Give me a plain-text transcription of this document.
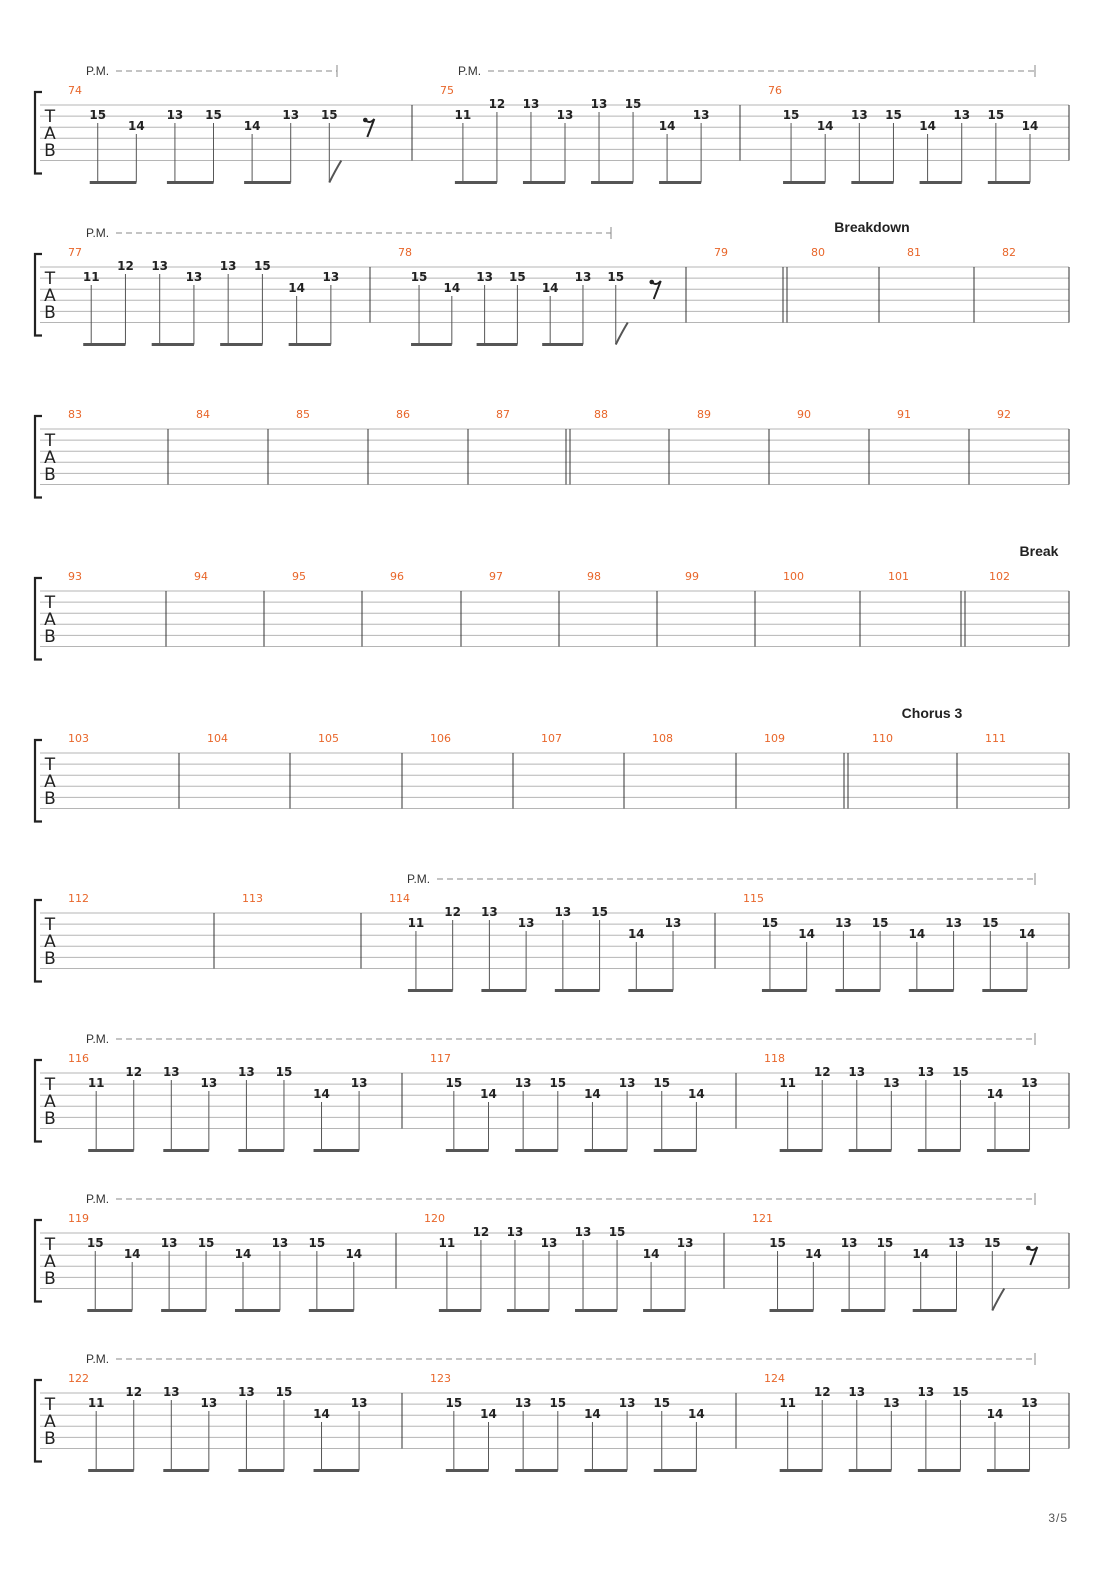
T
A
B
74
15
14
13 15
14
13 15
75
11
12 13
13
13 15
14
13
76
15
14
13 15
14
13 15
14
P.M.	P.M.
T
A
B
Breakdown
77
11
12 13
13
13 15
14
13
78
15
14
13 15
14
13 15
79	80	81	82
P.M.
T
A
B
83	84	85	86	87	88	89	90	91	92
T
A
B
Break
93	94	95	96	97	98	99	100	101	102
T
A
B
Chorus 3
103	104	105	106	107	108	109	110	111
T
A
B
112	113	114
11
12 13
13
13 15
14
13
115
15
14
13 15
14
13 15
14
P.M.
T
A
B
116
11
12 13
13
13 15
14
13
117
15
14
13 15
14
13 15
14
118
11
12 13
13
13 15
14
13
P.M.
T
A
B
119
15
14
13 15
14
13 15
14
120
11
12 13
13
13 15
14
13
121
15
14
13 15
14
13 15
P.M.
T
A
B
122
11
12 13
13
13 15
14
13
123
15
14
13 15
14
13 15
14
124
11
12 13
13
13 15
14
13
P.M.
3/5
